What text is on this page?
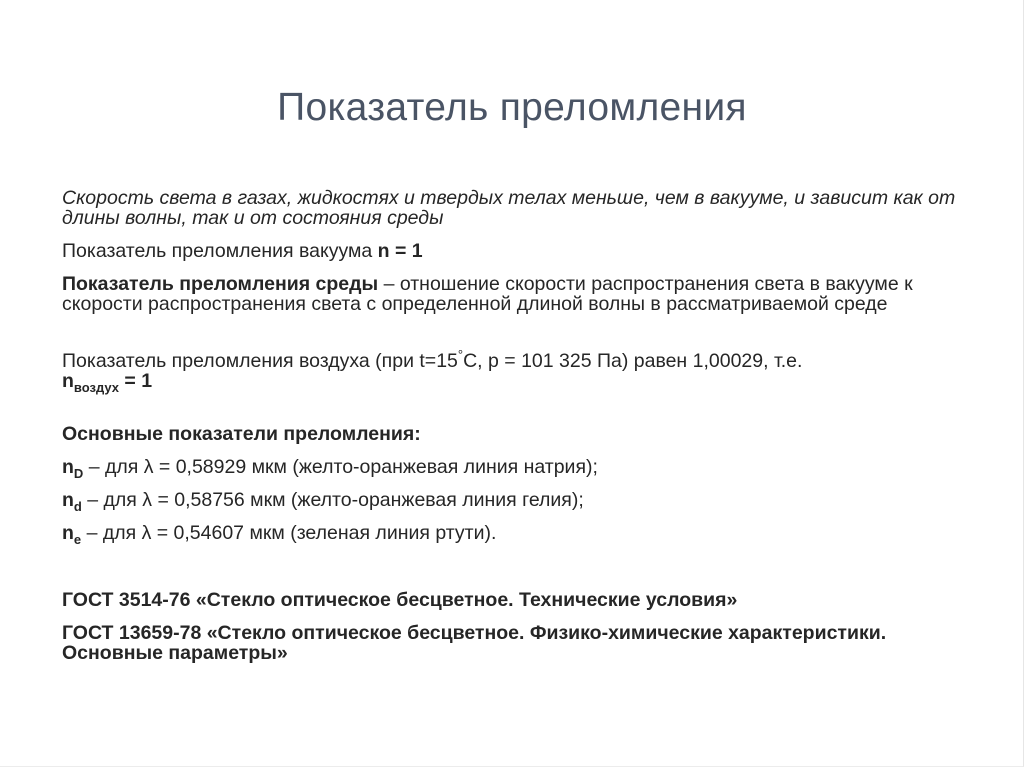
Показатель преломления

Скорость света в газах, жидкостях и твердых телах меньше, чем в вакууме, и зависит как от длины волны, так и от состояния среды

Показатель преломления вакуума n = 1

Показатель преломления среды – отношение скорости распространения света в вакууме к скорости распространения света с определенной длиной волны в рассматриваемой среде

Показатель преломления воздуха (при t=15°С, р = 101 325 Па) равен 1,00029, т.е.
$n_{воздух} = 1$

Основные показатели преломления:

$n_D$ – для λ = 0,58929 мкм (желто-оранжевая линия натрия);

$n_d$ – для λ = 0,58756 мкм (желто-оранжевая линия гелия);

$n_e$ – для λ = 0,54607 мкм (зеленая линия ртути).

ГОСТ 3514-76 «Стекло оптическое бесцветное. Технические условия»

ГОСТ 13659-78 «Стекло оптическое бесцветное. Физико-химические характеристики. Основные параметры»
